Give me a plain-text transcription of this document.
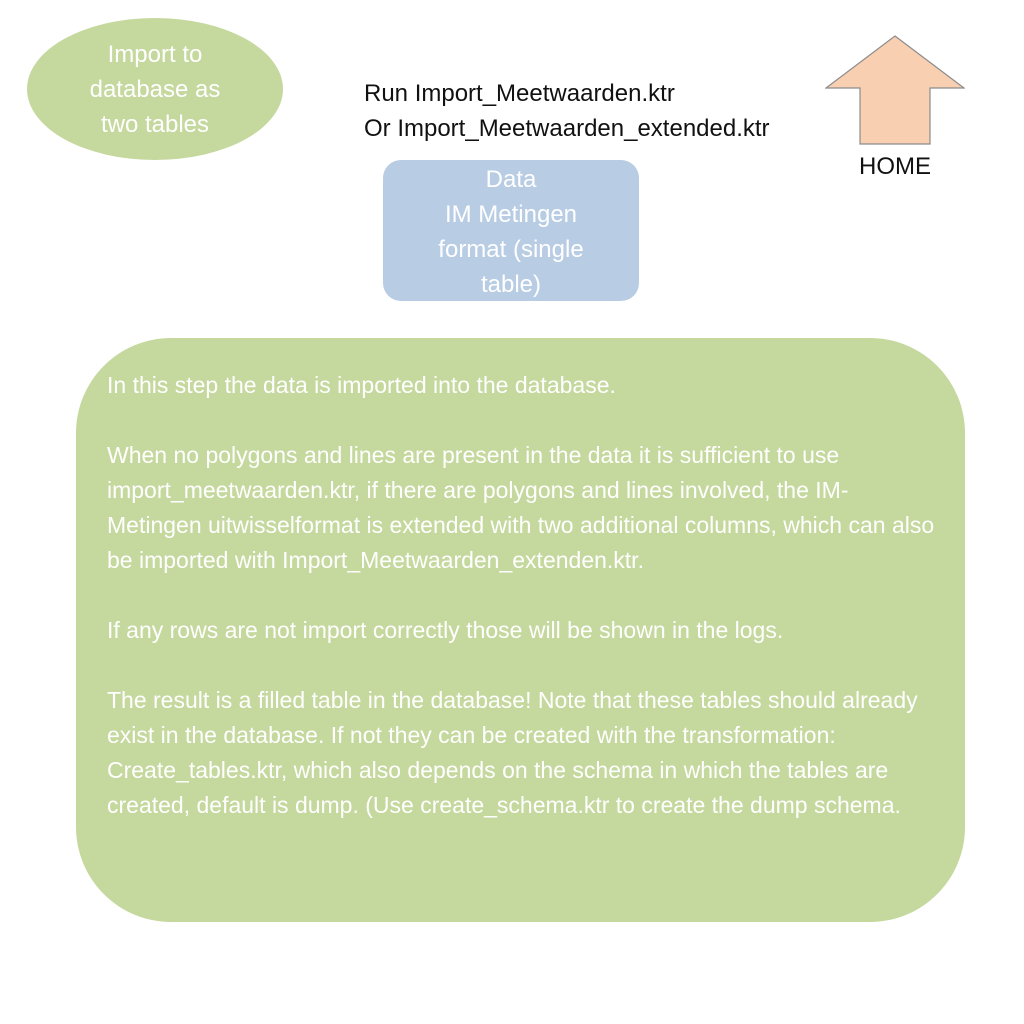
Import to
database as
two tables
Run Import_Meetwaarden.ktr
Or Import_Meetwaarden_extended.ktr
Data
IM Metingen
format (single
table)
HOME

In this step the data is imported into the database.

When no polygons and lines are present in the data it is sufficient to use import_meetwaarden.ktr, if there are polygons and lines involved, the IM-Metingen uitwisselformat is extended with two additional columns, which can also be imported with Import_Meetwaarden_extenden.ktr.

If any rows are not import correctly those will be shown in the logs.

The result is a filled table in the database! Note that these tables should already exist in the database. If not they can be created with the transformation: Create_tables.ktr, which also depends on the schema in which the tables are created, default is dump. (Use create_schema.ktr to create the dump schema.
